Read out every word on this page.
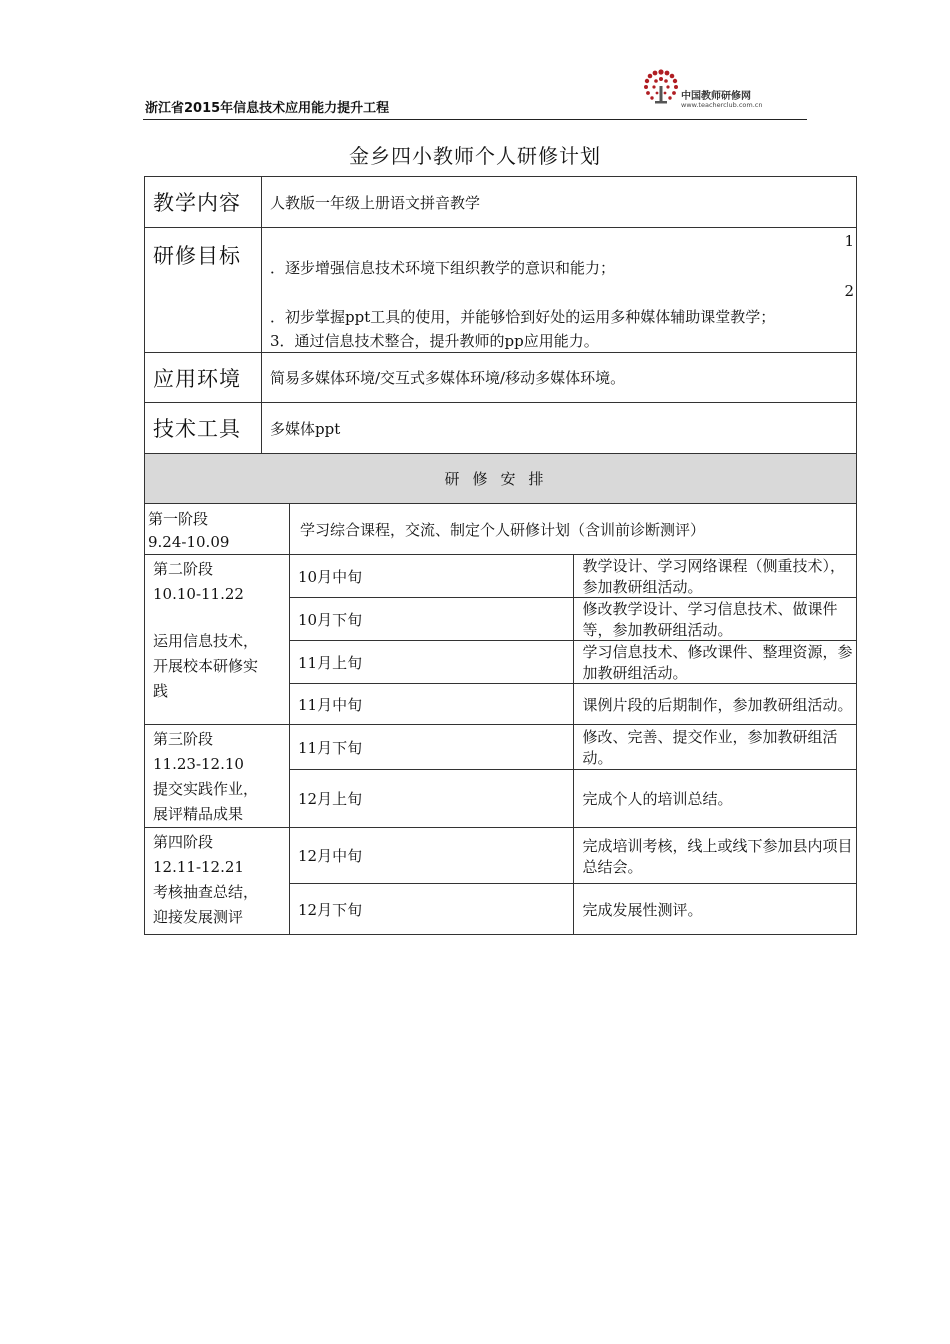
浙江省2015年信息技术应用能力提升工程
中国教师研修网
www.teacherclub.com.cn
金乡四小教师个人研修计划
教学内容	人教版一年级上册语文拼音教学
研修目标	1
．逐步增强信息技术环境下组织教学的意识和能力；
2
．初步掌握ppt工具的使用，并能够恰到好处的运用多种媒体辅助课堂教学；
3．通过信息技术整合，提升教师的pp应用能力。

应用环境	简易多媒体环境/交互式多媒体环境/移动多媒体环境。
技术工具	多媒体ppt
研修安排	
第一阶段
9.24-10.09	学习综合课程，交流、制定个人研修计划（含训前诊断测评）	
第二阶段
10.10-11.22

运用信息技术，
开展校本研修实
践	10月中旬	教学设计、学习网络课程（侧重技术），参加教研组活动。
	10月下旬	修改教学设计、学习信息技术、做课件等，参加教研组活动。
	11月上旬	学习信息技术、修改课件、整理资源，参加教研组活动。
	11月中旬	课例片段的后期制作，参加教研组活动。
第三阶段
11.23-12.10
提交实践作业，
展评精品成果	11月下旬	修改、完善、提交作业，参加教研组活动。
	12月上旬	完成个人的培训总结。
第四阶段
12.11-12.21
考核抽查总结，
迎接发展测评	12月中旬	完成培训考核，线上或线下参加县内项目总结会。
	12月下旬	完成发展性测评。
